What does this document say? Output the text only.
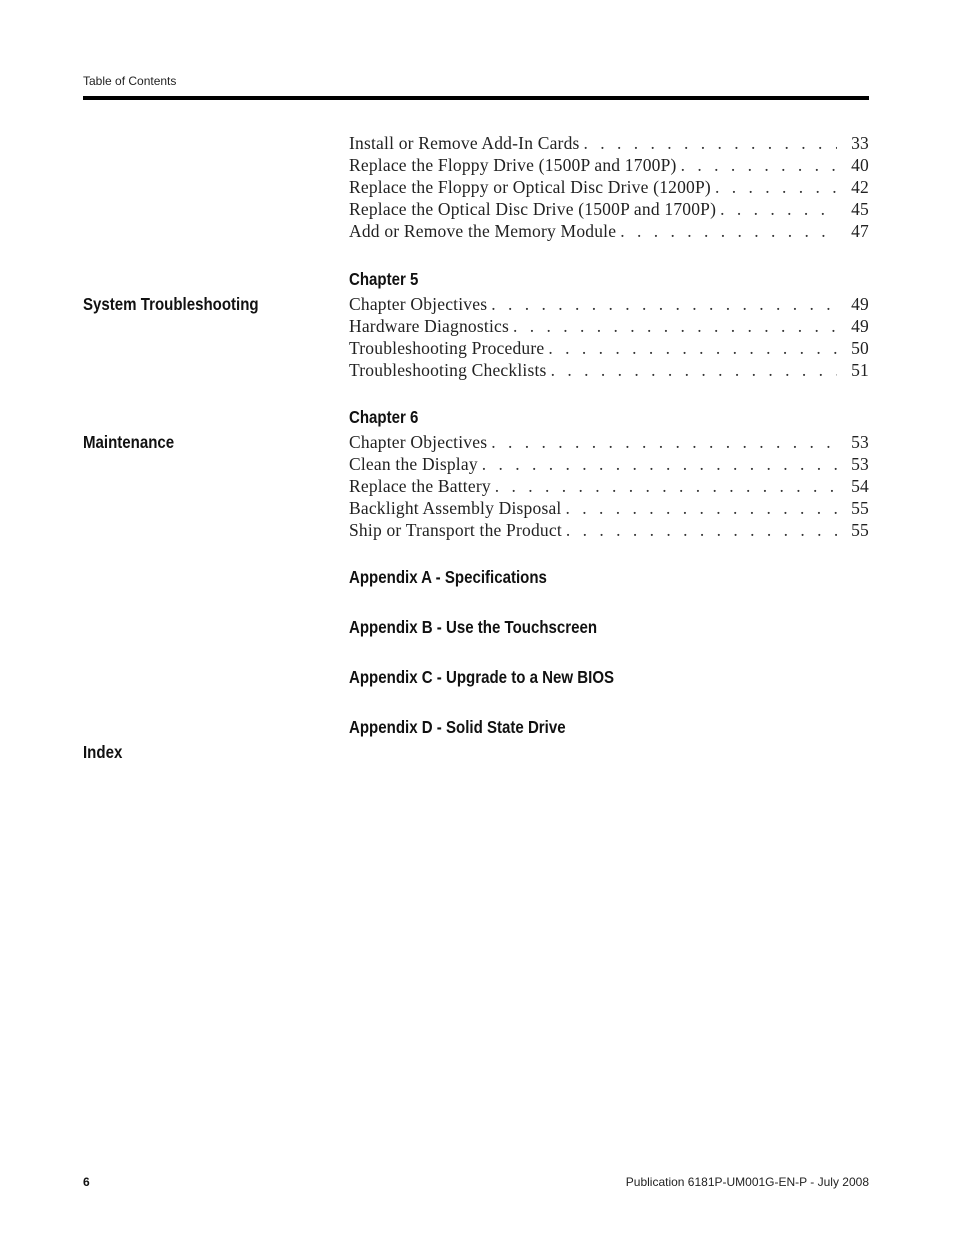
Table of Contents
Install or Remove Add-In Cards . . .	33
Replace the Floppy Drive (1500P and 1700P) . . .	40
Replace the Floppy or Optical Disc Drive (1200P) . . .	42
Replace the Optical Disc Drive (1500P and 1700P) . . .	45
Add or Remove the Memory Module . . .	47
Chapter 5
System Troubleshooting	Chapter Objectives . . .	49
Hardware Diagnostics . . .	49
Troubleshooting Procedure . . .	50
Troubleshooting Checklists . . .	51
Chapter 6
Maintenance	Chapter Objectives . . .	53
Clean the Display . . .	53
Replace the Battery . . .	54
Backlight Assembly Disposal . . .	55
Ship or Transport the Product . . .	55
Appendix A - Specifications
Appendix B - Use the Touchscreen
Appendix C - Upgrade to a New BIOS
Appendix D - Solid State Drive
Index
6	Publication 6181P-UM001G-EN-P - July 2008
